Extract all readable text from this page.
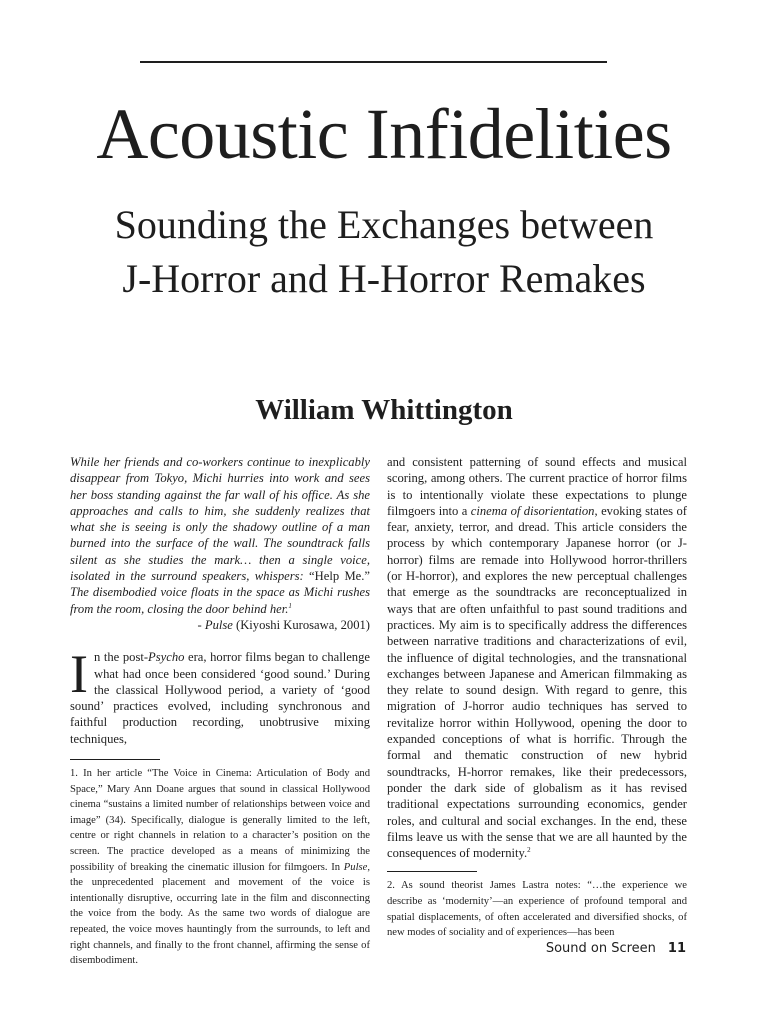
Acoustic Infidelities
Sounding the Exchanges between
J-Horror and H-Horror Remakes
William Whittington

While her friends and co-workers continue to inexplicably disappear from Tokyo, Michi hurries into work and sees her boss standing against the far wall of his office. As she approaches and calls to him, she suddenly realizes that what she is seeing is only the shadowy outline of a man burned into the surface of the wall. The soundtrack falls silent as she studies the mark… then a single voice, isolated in the surround speakers, whispers: “Help Me.” The disembodied voice floats in the space as Michi rushes from the room, closing the door behind her.$^1$

- Pulse (Kiyoshi Kurosawa, 2001)

In the post-Psycho era, horror films began to challenge what had once been considered ‘good sound.’ During the classical Hollywood period, a variety of ‘good sound’ practices evolved, including synchronous and faithful production recording, unobtrusive mixing techniques,

1. In her article “The Voice in Cinema: Articulation of Body and Space,” Mary Ann Doane argues that sound in classical Hollywood cinema “sustains a limited number of relationships between voice and image” (34). Specifically, dialogue is generally limited to the left, centre or right channels in relation to a character’s position on the screen. The practice developed as a means of minimizing the possibility of breaking the cinematic illusion for filmgoers. In Pulse, the unprecedented placement and movement of the voice is intentionally disruptive, occurring late in the film and disconnecting the voice from the body. As the same two words of dialogue are repeated, the voice moves hauntingly from the surrounds, to left and right channels, and finally to the front channel, affirming the sense of disembodiment.

and consistent patterning of sound effects and musical scoring, among others. The current practice of horror films is to intentionally violate these expectations to plunge filmgoers into a cinema of disorientation, evoking states of fear, anxiety, terror, and dread. This article considers the process by which contemporary Japanese horror (or J-horror) films are remade into Hollywood horror-thrillers (or H-horror), and explores the new perceptual challenges that emerge as the soundtracks are reconceptualized in ways that are often unfaithful to past sound traditions and practices. My aim is to specifically address the differences between narrative traditions and characterizations of evil, the influence of digital technologies, and the transnational exchanges between Japanese and American filmmaking as they relate to sound design. With regard to genre, this migration of J-horror audio techniques has served to revitalize horror within Hollywood, opening the door to expanded conceptions of what is horrific. Through the formal and thematic construction of new hybrid soundtracks, H-horror remakes, like their predecessors, ponder the dark side of globalism as it has revised traditional expectations surrounding economics, gender roles, and cultural and social exchanges. In the end, these films leave us with the sense that we are all haunted by the consequences of modernity.$^2$

2. As sound theorist James Lastra notes: “…the experience we describe as ‘modernity’—an experience of profound temporal and spatial displacements, of often accelerated and diversified shocks, of new modes of sociality and of experiences—has been

Sound on Screen 11
